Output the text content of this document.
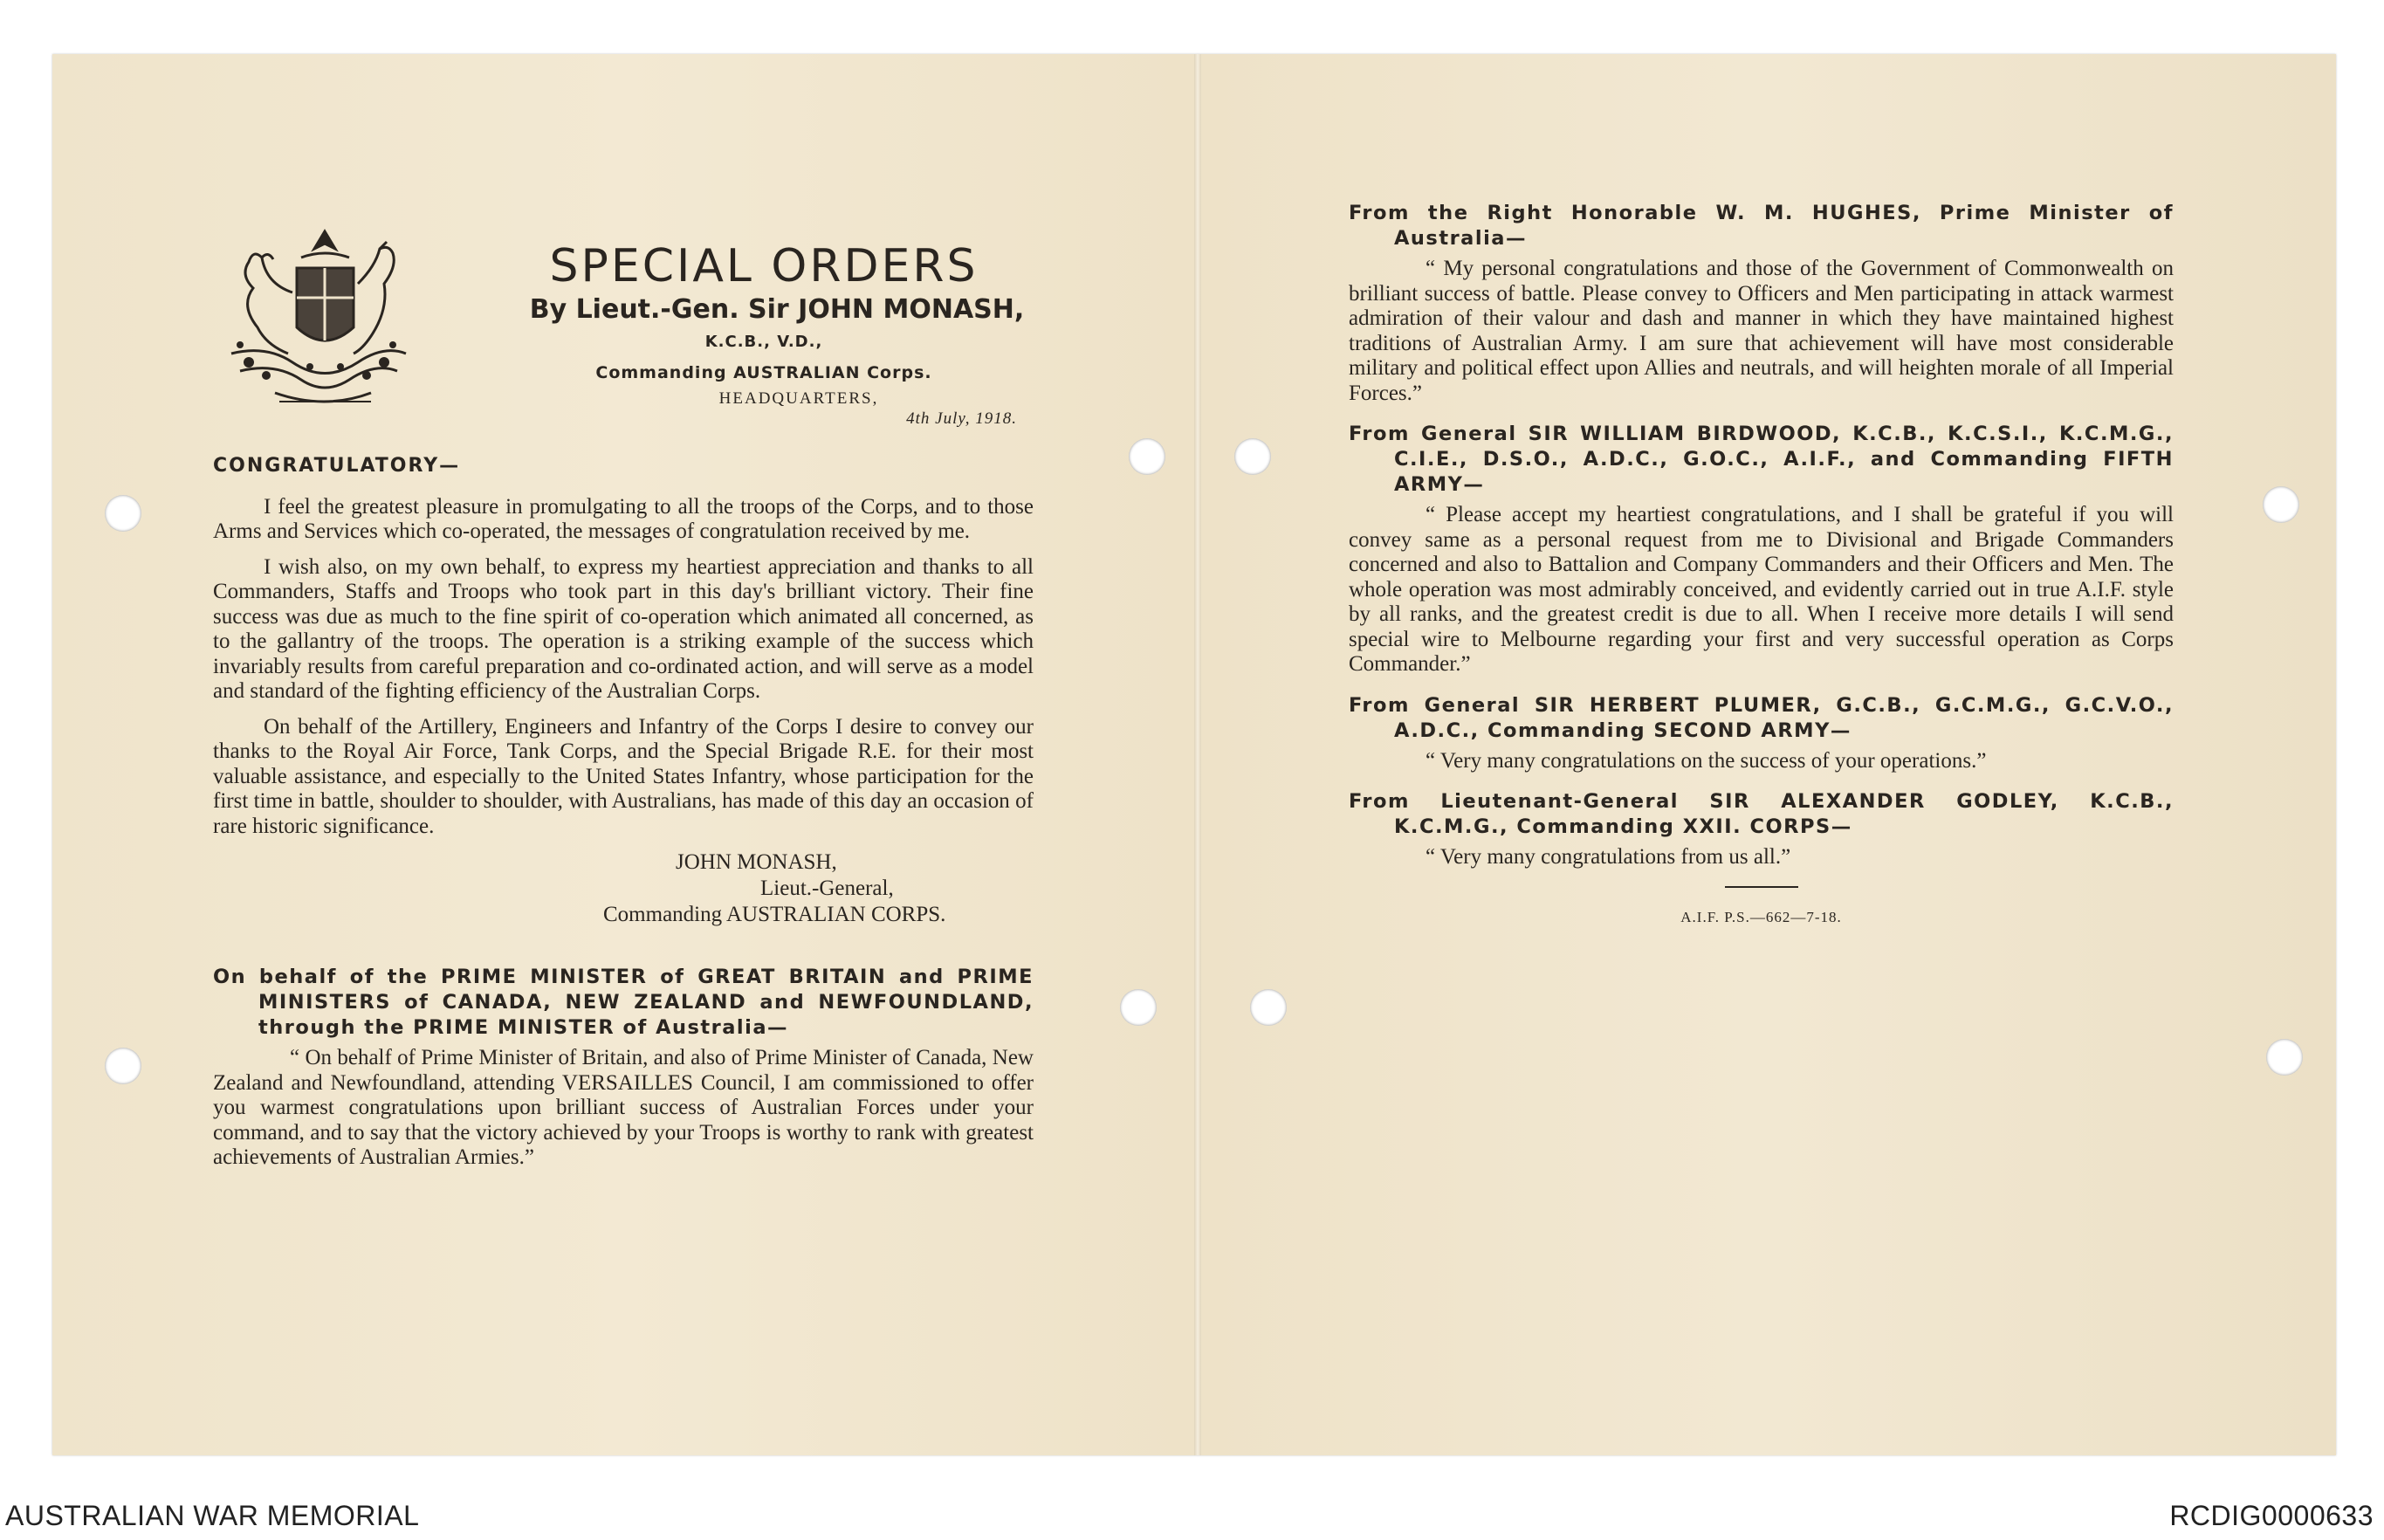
SPECIAL ORDERS
By Lieut.-Gen. Sir JOHN MONASH,
K.C.B., V.D.,
Commanding AUSTRALIAN Corps.
HEADQUARTERS,
4th July, 1918.
CONGRATULATORY—

I feel the greatest pleasure in promulgating to all the troops of the Corps, and to those Arms and Services which co-operated, the messages of congratulation received by me.

I wish also, on my own behalf, to express my heartiest appreciation and thanks to all Commanders, Staffs and Troops who took part in this day's brilliant victory. Their fine success was due as much to the fine spirit of co-operation which animated all concerned, as to the gallantry of the troops. The operation is a striking example of the success which invariably results from careful preparation and co-ordinated action, and will serve as a model and standard of the fighting efficiency of the Australian Corps.

On behalf of the Artillery, Engineers and Infantry of the Corps I desire to convey our thanks to the Royal Air Force, Tank Corps, and the Special Brigade R.E. for their most valuable assistance, and especially to the United States Infantry, whose participation for the first time in battle, shoulder to shoulder, with Australians, has made of this day an occasion of rare historic significance.

JOHN MONASH,
Lieut.-General,
Commanding AUSTRALIAN CORPS.

On behalf of the PRIME MINISTER of GREAT BRITAIN and PRIME MINISTERS of CANADA, NEW ZEALAND and NEWFOUNDLAND, through the PRIME MINISTER of Australia—

“ On behalf of Prime Minister of Britain, and also of Prime Minister of Canada, New Zealand and Newfoundland, attending VERSAILLES Council, I am commissioned to offer you warmest congratulations upon brilliant success of Australian Forces under your command, and to say that the victory achieved by your Troops is worthy to rank with greatest achievements of Australian Armies.”

From the Right Honorable W. M. HUGHES, Prime Minister of Australia—

“ My personal congratulations and those of the Government of Commonwealth on brilliant success of battle. Please convey to Officers and Men participating in attack warmest admiration of their valour and dash and manner in which they have maintained highest traditions of Australian Army. I am sure that achievement will have most considerable military and political effect upon Allies and neutrals, and will heighten morale of all Imperial Forces.”

From General SIR WILLIAM BIRDWOOD, K.C.B., K.C.S.I., K.C.M.G., C.I.E., D.S.O., A.D.C., G.O.C., A.I.F., and Commanding FIFTH ARMY—

“ Please accept my heartiest congratulations, and I shall be grateful if you will convey same as a personal request from me to Divisional and Brigade Commanders concerned and also to Battalion and Company Commanders and their Officers and Men. The whole operation was most admirably conceived, and evidently carried out in true A.I.F. style by all ranks, and the greatest credit is due to all. When I receive more details I will send special wire to Melbourne regarding your first and very successful operation as Corps Commander.”

From General SIR HERBERT PLUMER, G.C.B., G.C.M.G., G.C.V.O., A.D.C., Commanding SECOND ARMY—

“ Very many congratulations on the success of your operations.”

From Lieutenant-General SIR ALEXANDER GODLEY, K.C.B., K.C.M.G., Commanding XXII. CORPS—

“ Very many congratulations from us all.”

A.I.F. P.S.—662—7-18.
AUSTRALIAN WAR MEMORIAL	RCDIG0000633
